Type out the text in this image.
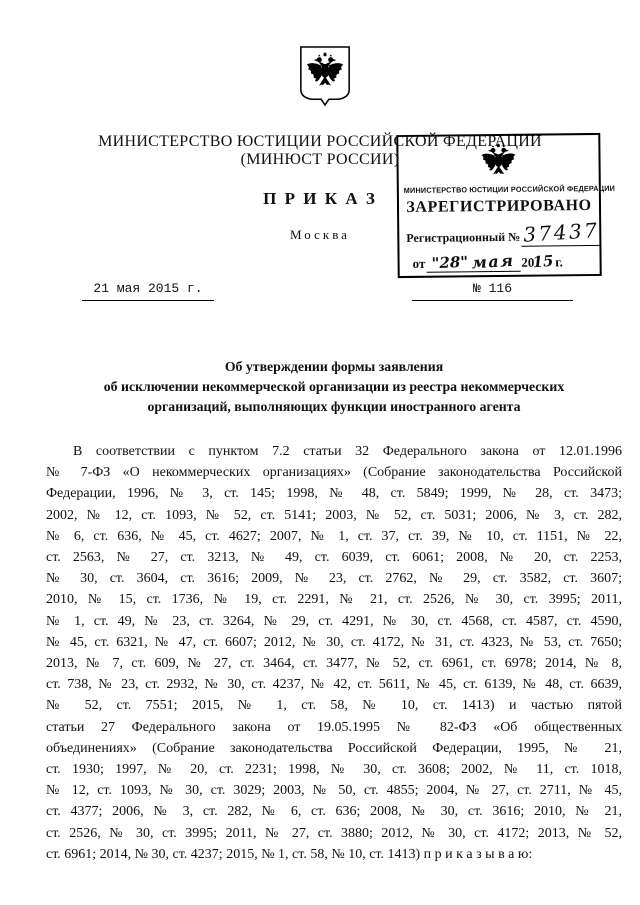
МИНИСТЕРСТВО ЮСТИЦИИ РОССИЙСКОЙ ФЕДЕРАЦИИ
(МИНЮСТ РОССИИ)
П Р И К А З
Москва
21 мая 2015 г.	№ 116
МИНИСТЕРСТВО ЮСТИЦИИ РОССИЙСКОЙ ФЕДЕРАЦИИ
ЗАРЕГИСТРИРОВАНО
Регистрационный № 37437
от "28" мая 2015г.
Об утверждении формы заявления
об исключении некоммерческой организации из реестра некоммерческих
организаций, выполняющих функции иностранного агента
В соответствии с пунктом 7.2 статьи 32 Федерального закона от 12.01.1996
№ 7-ФЗ «О некоммерческих организациях» (Собрание законодательства Российской
Федерации, 1996, № 3, ст. 145; 1998, № 48, ст. 5849; 1999, № 28, ст. 3473;
2002, № 12, ст. 1093, № 52, ст. 5141; 2003, № 52, ст. 5031; 2006, № 3, ст. 282,
№ 6, ст. 636, № 45, ст. 4627; 2007, № 1, ст. 37, ст. 39, № 10, ст. 1151, № 22,
ст. 2563, № 27, ст. 3213, № 49, ст. 6039, ст. 6061; 2008, № 20, ст. 2253,
№ 30, ст. 3604, ст. 3616; 2009, № 23, ст. 2762, № 29, ст. 3582, ст. 3607;
2010, № 15, ст. 1736, № 19, ст. 2291, № 21, ст. 2526, № 30, ст. 3995; 2011,
№ 1, ст. 49, № 23, ст. 3264, № 29, ст. 4291, № 30, ст. 4568, ст. 4587, ст. 4590,
№ 45, ст. 6321, № 47, ст. 6607; 2012, № 30, ст. 4172, № 31, ст. 4323, № 53, ст. 7650;
2013, № 7, ст. 609, № 27, ст. 3464, ст. 3477, № 52, ст. 6961, ст. 6978; 2014, № 8,
ст. 738, № 23, ст. 2932, № 30, ст. 4237, № 42, ст. 5611, № 45, ст. 6139, № 48, ст. 6639,
№ 52, ст. 7551; 2015, № 1, ст. 58, № 10, ст. 1413) и частью пятой
статьи 27 Федерального закона от 19.05.1995 № 82-ФЗ «Об общественных
объединениях» (Собрание законодательства Российской Федерации, 1995, № 21,
ст. 1930; 1997, № 20, ст. 2231; 1998, № 30, ст. 3608; 2002, № 11, ст. 1018,
№ 12, ст. 1093, № 30, ст. 3029; 2003, № 50, ст. 4855; 2004, № 27, ст. 2711, № 45,
ст. 4377; 2006, № 3, ст. 282, № 6, ст. 636; 2008, № 30, ст. 3616; 2010, № 21,
ст. 2526, № 30, ст. 3995; 2011, № 27, ст. 3880; 2012, № 30, ст. 4172; 2013, № 52,
ст. 6961; 2014, № 30, ст. 4237; 2015, № 1, ст. 58, № 10, ст. 1413) п р и к а з ы в а ю:
